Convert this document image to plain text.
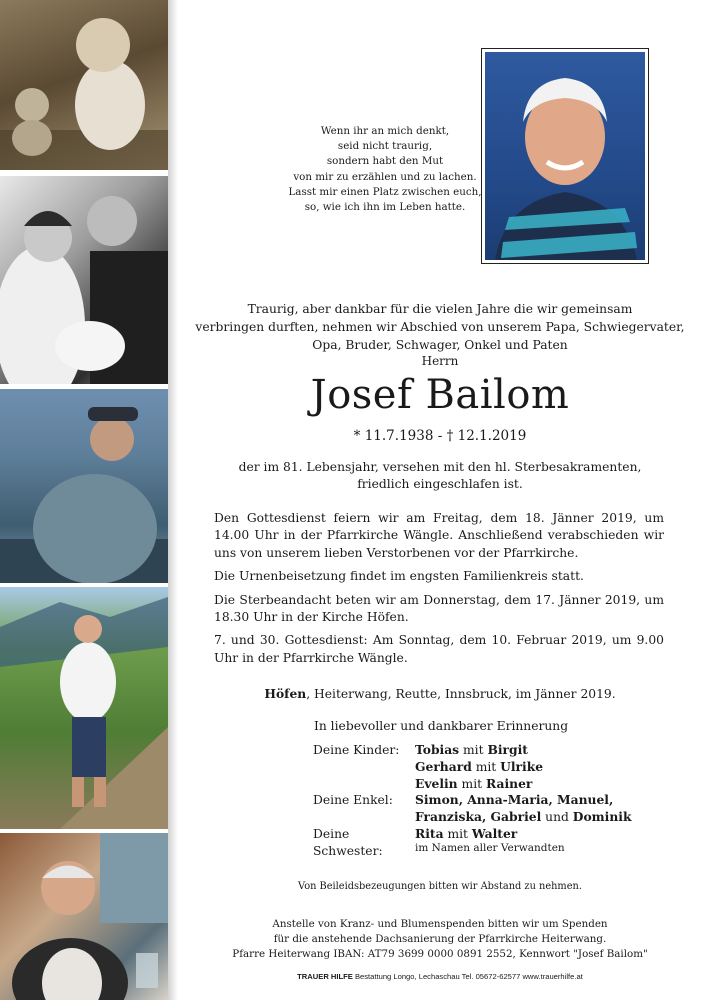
Wenn ihr an mich denkt,
seid nicht traurig,
sondern habt den Mut
von mir zu erzählen und zu lachen.
Lasst mir einen Platz zwischen euch,
so, wie ich ihn im Leben hatte.
Traurig, aber dankbar für die vielen Jahre die wir gemeinsam
verbringen durften, nehmen wir Abschied von unserem Papa, Schwiegervater,
Opa, Bruder, Schwager, Onkel und Paten
Herrn
Josef Bailom
* 11.7.1938 - † 12.1.2019
der im 81. Lebensjahr, versehen mit den hl. Sterbesakramenten,
friedlich eingeschlafen ist.

Den Gottesdienst feiern wir am Freitag, dem 18. Jänner 2019, um 14.00 Uhr in der Pfarrkirche Wängle. Anschließend verabschieden wir uns von unserem lieben Verstorbenen vor der Pfarrkirche.

Die Urnenbeisetzung findet im engsten Familienkreis statt.

Die Sterbeandacht beten wir am Donnerstag, dem 17. Jänner 2019, um 18.30 Uhr in der Kirche Höfen.

7. und 30. Gottesdienst: Am Sonntag, dem 10. Februar 2019, um 9.00 Uhr in der Pfarrkirche Wängle.

Höfen, Heiterwang, Reutte, Innsbruck, im Jänner 2019.
In liebevoller und dankbarer Erinnerung
Deine Kinder:	Tobias mit Birgit
Gerhard mit Ulrike
Evelin mit Rainer
Deine Enkel:	Simon, Anna-Maria, Manuel,
Franziska, Gabriel und Dominik
Deine Schwester:
Rita mit Walter
im Namen aller Verwandten
Von Beileidsbezeugungen bitten wir Abstand zu nehmen.
Anstelle von Kranz- und Blumenspenden bitten wir um Spenden
für die anstehende Dachsanierung der Pfarrkirche Heiterwang.
Pfarre Heiterwang IBAN: AT79 3699 0000 0891 2552, Kennwort "Josef Bailom"
TRAUER HILFE Bestattung Longo, Lechaschau Tel. 05672-62577 www.trauerhilfe.at
